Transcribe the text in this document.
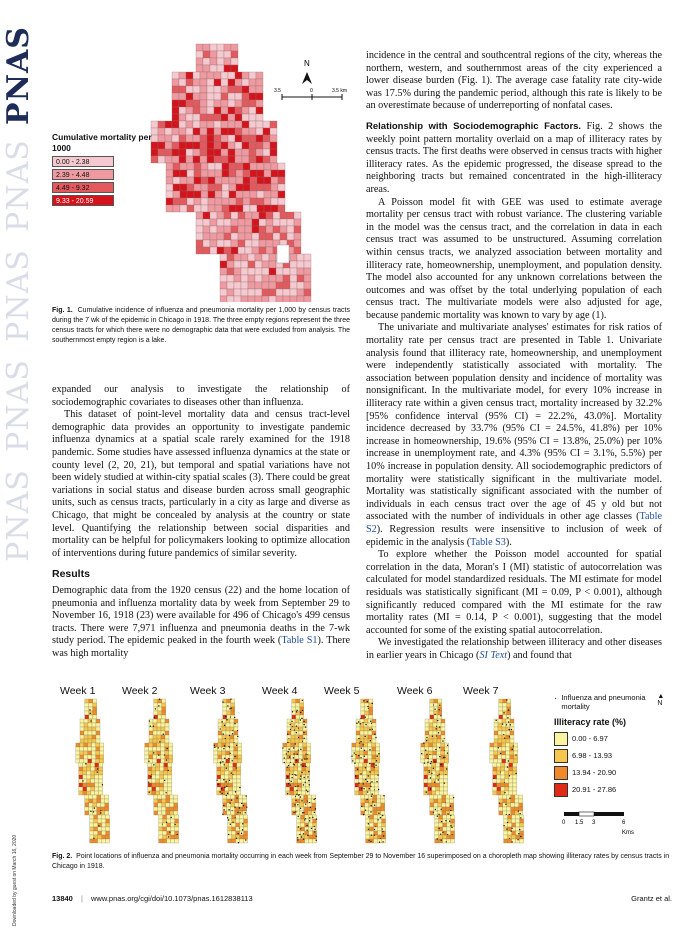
PNAS
PNAS
PNAS
PNAS
PNAS
Downloaded by guest on March 16, 2020
N
3.5	0	3.5 km
Cumulative mortality per 1000
0.00 - 2.38
2.39 - 4.48
4.49 - 9.32
9.33 - 20.59
Fig. 1. Cumulative incidence of influenza and pneumonia mortality per 1,000 by census tracts during the 7 wk of the epidemic in Chicago in 1918. The three empty regions represent the three census tracts for which there were no demographic data that were excluded from analysis. The southernmost empty region is a lake.

expanded our analysis to investigate the relationship of sociodemographic covariates to diseases other than influenza.

This dataset of point-level mortality data and census tract-level demographic data provides an opportunity to investigate pandemic influenza dynamics at a spatial scale rarely examined for the 1918 pandemic. Some studies have assessed influenza dynamics at the state or county level (2, 20, 21), but temporal and spatial variations have not been widely studied at within-city spatial scales (3). There could be great variations in social status and disease burden across small geographic units, such as census tracts, particularly in a city as large and diverse as Chicago, that might be concealed by analysis at the country or state level. Quantifying the relationship between social disparities and mortality can be helpful for policymakers looking to optimize allocation of interventions during future pandemics of similar severity.

Results

Demographic data from the 1920 census (22) and the home location of pneumonia and influenza mortality data by week from September 29 to November 16, 1918 (23) were available for 496 of Chicago's 499 census tracts. There were 7,971 influenza and pneumonia deaths in the 7-wk study period. The epidemic peaked in the fourth week (Table S1). There was high mortality

incidence in the central and southcentral regions of the city, whereas the northern, western, and southernmost areas of the city experienced a lower disease burden (Fig. 1). The average case fatality rate city-wide was 17.5% during the pandemic period, although this rate is likely to be an overestimate because of underreporting of nonfatal cases.

Relationship with Sociodemographic Factors. Fig. 2 shows the weekly point pattern mortality overlaid on a map of illiteracy rates by census tracts. The first deaths were observed in census tracts with higher illiteracy rates. As the epidemic progressed, the disease spread to the neighboring tracts but remained concentrated in the high-illiteracy areas.

A Poisson model fit with GEE was used to estimate average mortality per census tract with robust variance. The clustering variable in the model was the census tract, and the correlation in data in each census tract was assumed to be unstructured. Assuming correlation within census tracts, we analyzed association between mortality and illiteracy rate, homeownership, unemployment, and population density. The model also accounted for any unknown correlations between the outcomes and was offset by the total underlying population of each census tract. The multivariate models were also adjusted for age, because pandemic mortality was known to vary by age (1).

The univariate and multivariate analyses' estimates for risk ratios of mortality rate per census tract are presented in Table 1. Univariate analysis found that illiteracy rate, homeownership, and unemployment were independently statistically associated with mortality. The association between population density and incidence of mortality was nonsignificant. In the multivariate model, for every 10% increase in illiteracy rate within a given census tract, mortality increased by 32.2% [95% confidence interval (95% CI) = 22.2%, 43.0%]. Mortality incidence decreased by 33.7% (95% CI = 24.5%, 41.8%) per 10% increase in homeownership, 19.6% (95% CI = 13.8%, 25.0%) per 10% increase in unemployment rate, and 4.3% (95% CI = 3.1%, 5.5%) per 10% increase in population density. All sociodemographic predictors of mortality were statistically significant in the multivariate model. Mortality was statistically significant associated with the number of individuals in each census tract over the age of 45 y old but not associated with the number of individuals in other age classes (Table S2). Regression results were insensitive to inclusion of week of epidemic in the analysis (Table S3).

To explore whether the Poisson model accounted for spatial correlation in the data, Moran's I (MI) statistic of autocorrelation was calculated for model standardized residuals. The MI estimate for model residuals was statistically significant (MI = 0.09, P < 0.001), although significantly reduced compared with the MI estimate for the raw mortality rates (MI = 0.14, P < 0.001), suggesting that the model accounted for some of the existing spatial autocorrelation.

We investigated the relationship between illiteracy and other diseases in earlier years in Chicago (SI Text) and found that

Week 1	Week 2	Week 3	Week 4	Week 5	Week 6	Week 7
· Influenza and pneumonia mortality
▲
N
Illiteracy rate (%)
0.00 - 6.97
6.98 - 13.93
13.94 - 20.90
20.91 - 27.86
0 1.5 3	6
Kms
Fig. 2. Point locations of influenza and pneumonia mortality occurring in each week from September 29 to November 16 superimposed on a choropleth map showing illiteracy rates by census tracts in Chicago in 1918.
13840 | www.pnas.org/cgi/doi/10.1073/pnas.1612838113	Grantz et al.
